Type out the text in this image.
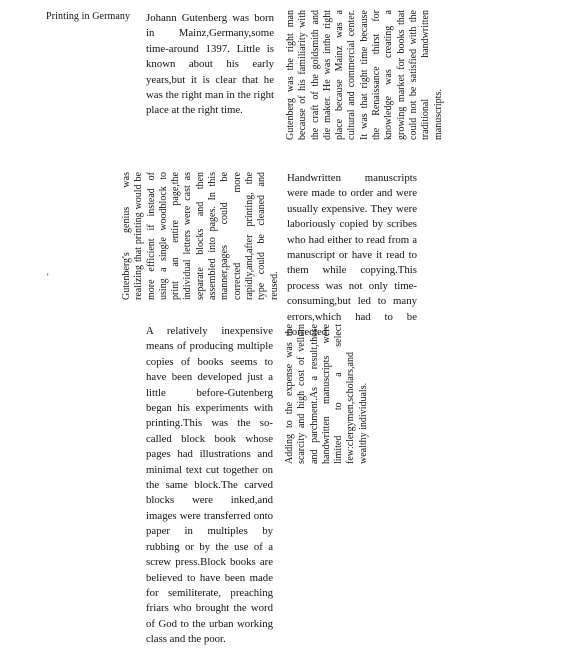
Printing in Germany
'

Johann Gutenberg was born in Mainz,Germany,some time-around 1397. Little is known about his early years,but it is clear that he was the right man in the right place at the right time.	Gutenberg was the right man because of his familiarity with the craft of the goldsmith and die maker. He was inthe right place because Mainz was a cultural and commercial center. It was that right time because the Renaissance thirst for knowledge was creating a growing market for books that could not be satisfied with the traditional handwritten manuscripts.

Gutenberg's genius was realizing that printing would be more efficient if instead of using a single woodblock to print an entire page,the individual letters were cast as separate blocks and then assembled into pages. In this manner,pages could be corrected more rapidly,and,after printing, the type could be cleaned and reused.

Handwritten manuscripts were made to order and were usually expensive. They were laboriously copied by scribes who had either to read from a manuscript or have it read to them while copying.This process was not only time-consuming,but led to many errors,which had to be corrected.

A relatively inexpensive means of producing multiple copies of books seems to have been developed just a little before-Gutenberg began his experiments with printing.This was the so-called block book whose pages had illustrations and minimal text cut together on the same block.The carved blocks were inked,and images were transferred onto paper in multiples by rubbing or by the use of a screw press.Block books are believed to have been made for semiliterate, preaching friars who brought the word of God to the urban working class and the poor.

Adding to the expense was the scarcity and high cost of vellum and parchment.As a result,these handwritten manuscripts were limited to a select few:clergymen,scholars,and wealthy individuals.
